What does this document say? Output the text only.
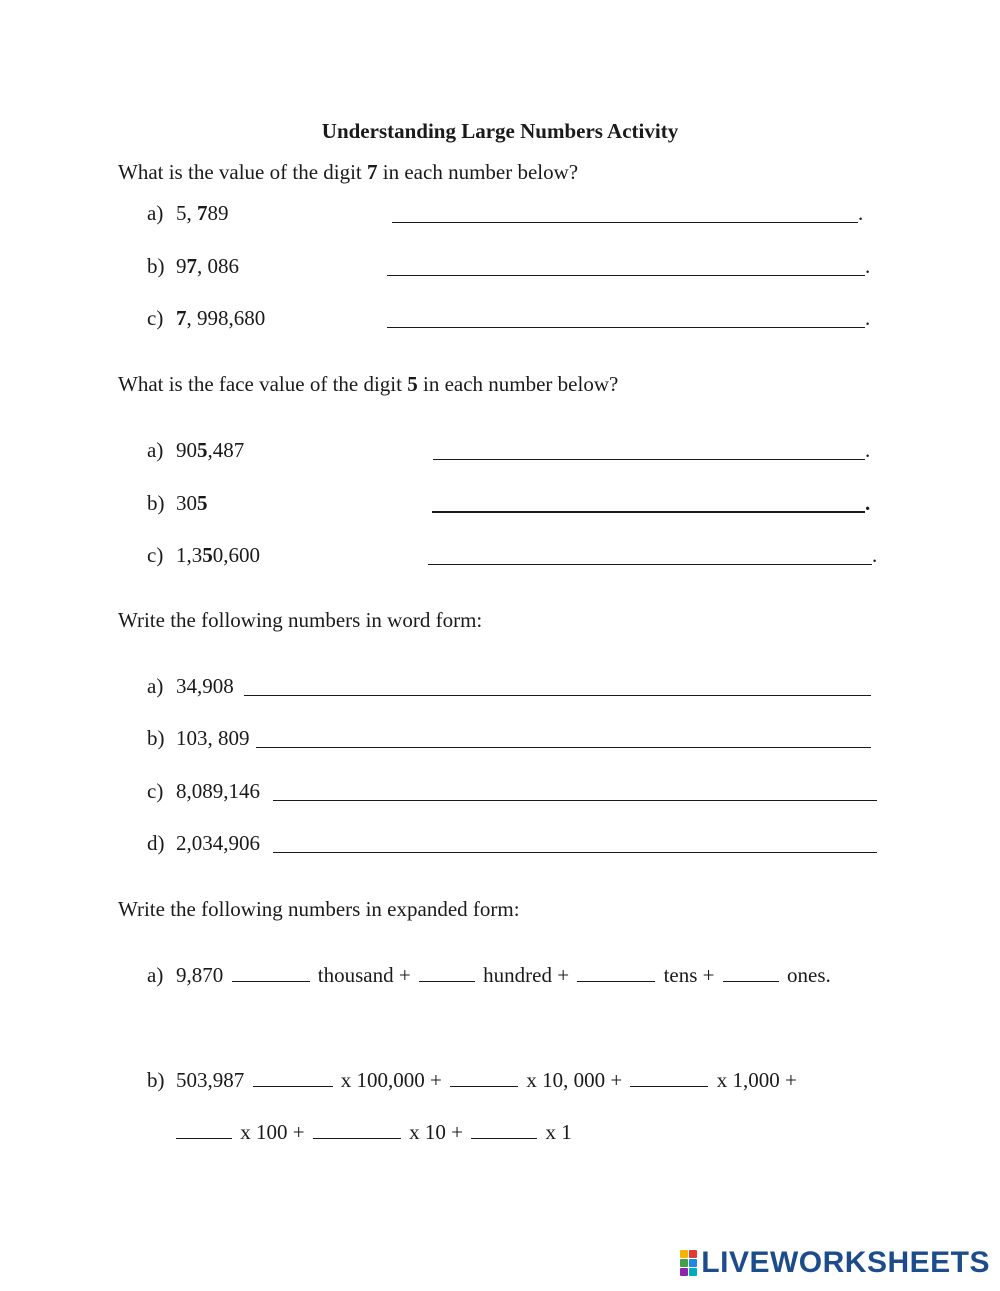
Understanding Large Numbers Activity
What is the value of the digit 7 in each number below?
a) 5, 789	.
b) 97, 086	.
c) 7, 998,680	.
What is the face value of the digit 5 in each number below?
a) 905,487	.
b) 305	.
c) 1,350,600	.
Write the following numbers in word form:
a) 34,908
b) 103, 809
c) 8,089,146
d) 2,034,906
Write the following numbers in expanded form:
a) 9,870	thousand +	hundred +	tens +	ones.
b) 503,987	x 100,000 +	x 10, 000 +	x 1,000 +
x 100 +	x 10 +	x 1
LIVEWORKSHEETS
